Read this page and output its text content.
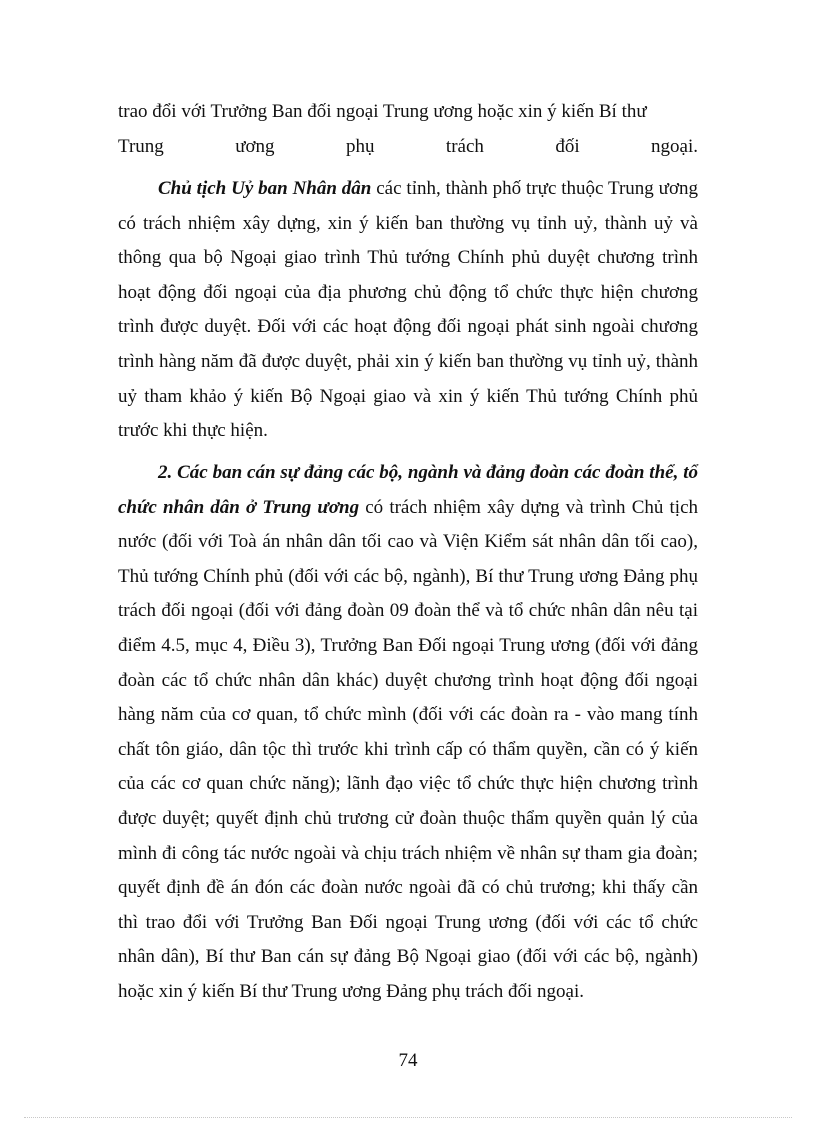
trao đổi với Trưởng Ban đối ngoại Trung ương hoặc xin ý kiến Bí thư
Trung ương phụ trách đối ngoại.
Chủ tịch Uỷ ban Nhân dân các tỉnh, thành phố trực thuộc Trung ương có trách nhiệm xây dựng, xin ý kiến ban thường vụ tỉnh uỷ, thành uỷ và thông qua bộ Ngoại giao trình Thủ tướng Chính phủ duyệt chương trình hoạt động đối ngoại của địa phương chủ động tổ chức thực hiện chương trình được duyệt. Đối với các hoạt động đối ngoại phát sinh ngoài chương trình hàng năm đã được duyệt, phải xin ý kiến ban thường vụ tỉnh uỷ, thành uỷ tham khảo ý kiến Bộ Ngoại giao và xin ý kiến Thủ tướng Chính phủ trước khi thực hiện.
2. Các ban cán sự đảng các bộ, ngành và đảng đoàn các đoàn thể, tổ chức nhân dân ở Trung ương có trách nhiệm xây dựng và trình Chủ tịch nước (đối với Toà án nhân dân tối cao và Viện Kiểm sát nhân dân tối cao), Thủ tướng Chính phủ (đối với các bộ, ngành), Bí thư Trung ương Đảng phụ trách đối ngoại (đối với đảng đoàn 09 đoàn thể và tổ chức nhân dân nêu tại điểm 4.5, mục 4, Điều 3), Trưởng Ban Đối ngoại Trung ương (đối với đảng đoàn các tổ chức nhân dân khác) duyệt chương trình hoạt động đối ngoại hàng năm của cơ quan, tổ chức mình (đối với các đoàn ra - vào mang tính chất tôn giáo, dân tộc thì trước khi trình cấp có thẩm quyền, cần có ý kiến của các cơ quan chức năng); lãnh đạo việc tổ chức thực hiện chương trình được duyệt; quyết định chủ trương cử đoàn thuộc thẩm quyền quản lý của mình đi công tác nước ngoài và chịu trách nhiệm về nhân sự tham gia đoàn; quyết định đề án đón các đoàn nước ngoài đã có chủ trương; khi thấy cần thì trao đổi với Trưởng Ban Đối ngoại Trung ương (đối với các tổ chức nhân dân), Bí thư Ban cán sự đảng Bộ Ngoại giao (đối với các bộ, ngành) hoặc xin ý kiến Bí thư Trung ương Đảng phụ trách đối ngoại.
74
